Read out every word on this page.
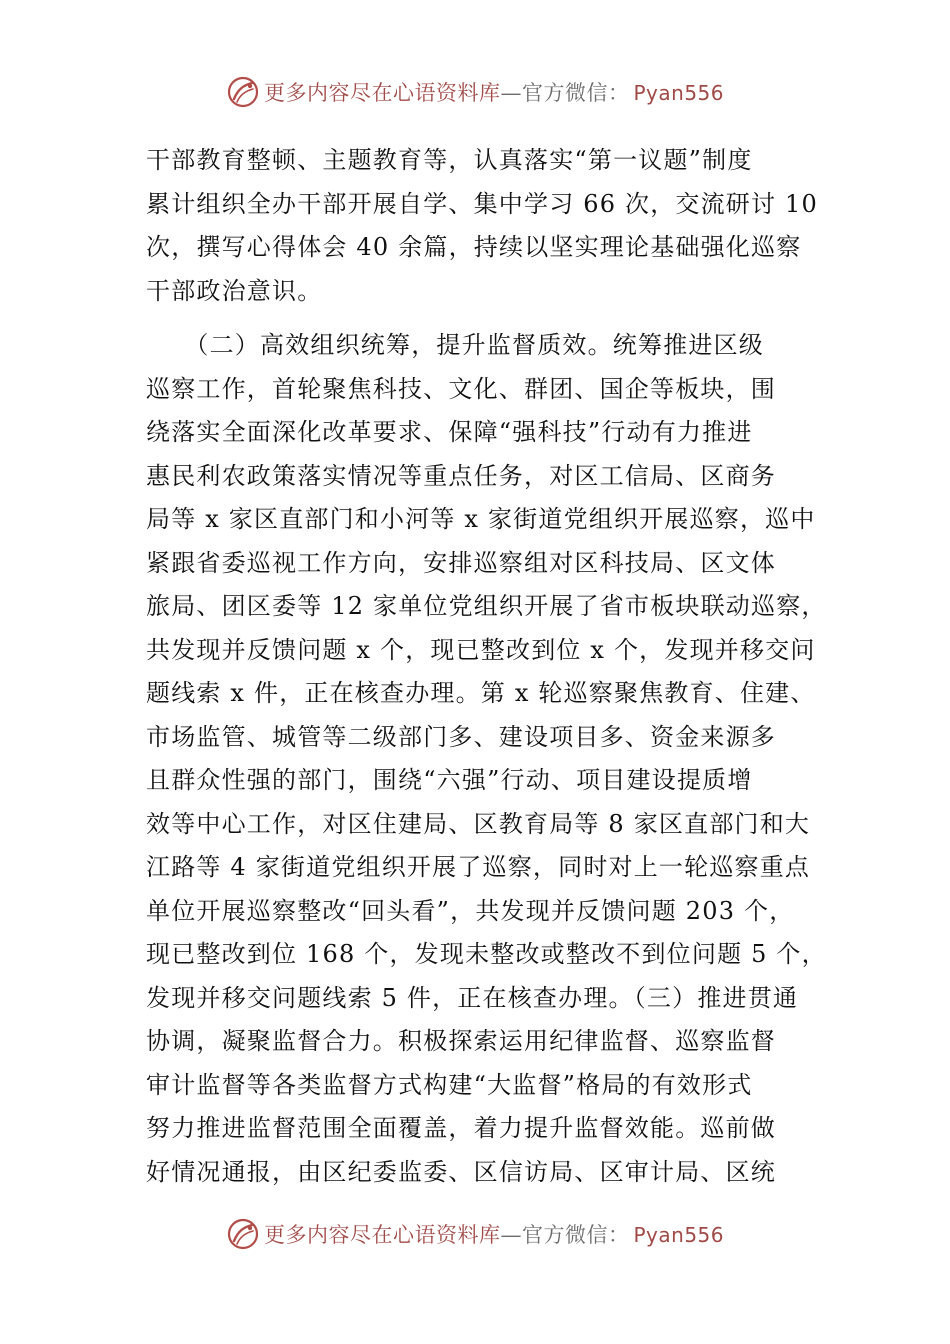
更多内容尽在心语资料库—官方微信： Pyan556
干部教育整顿、主题教育等，认真落实“第一议题”制度
累计组织全办干部开展自学、集中学习 66 次，交流研讨 10
次，撰写心得体会 40 余篇，持续以坚实理论基础强化巡察
干部政治意识。
　　（二）高效组织统筹，提升监督质效。统筹推进区级
巡察工作，首轮聚焦科技、文化、群团、国企等板块，围
绕落实全面深化改革要求、保障“强科技”行动有力推进
惠民利农政策落实情况等重点任务，对区工信局、区商务
局等 x 家区直部门和小河等 x 家街道党组织开展巡察，巡中
紧跟省委巡视工作方向，安排巡察组对区科技局、区文体
旅局、团区委等 12 家单位党组织开展了省市板块联动巡察，
共发现并反馈问题 x 个，现已整改到位 x 个，发现并移交问
题线索 x 件，正在核查办理。第 x 轮巡察聚焦教育、住建、
市场监管、城管等二级部门多、建设项目多、资金来源多
且群众性强的部门，围绕“六强”行动、项目建设提质增
效等中心工作，对区住建局、区教育局等 8 家区直部门和大
江路等 4 家街道党组织开展了巡察，同时对上一轮巡察重点
单位开展巡察整改“回头看”，共发现并反馈问题 203 个，
现已整改到位 168 个，发现未整改或整改不到位问题 5 个，
发现并移交问题线索 5 件，正在核查办理。（三）推进贯通
协调，凝聚监督合力。积极探索运用纪律监督、巡察监督
审计监督等各类监督方式构建“大监督”格局的有效形式
努力推进监督范围全面覆盖，着力提升监督效能。巡前做
好情况通报，由区纪委监委、区信访局、区审计局、区统
更多内容尽在心语资料库—官方微信： Pyan556
